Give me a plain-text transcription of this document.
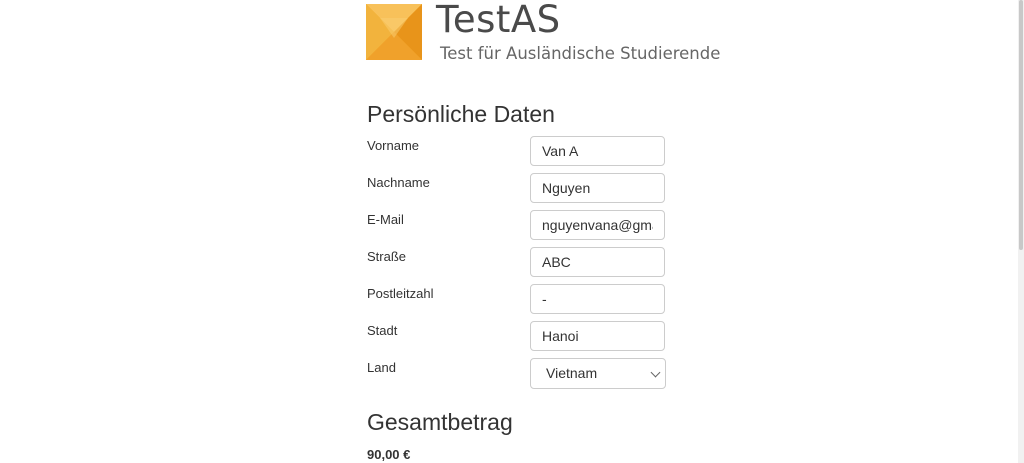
TestAS
Test für Ausländische Studierende
Persönliche Daten
Vorname
Van A
Nachname
Nguyen
E-Mail
nguyenvana@gmail.com
Straße
ABC
Postleitzahl
-
Stadt
Hanoi
Land	Vietnam
Gesamtbetrag
90,00 €
